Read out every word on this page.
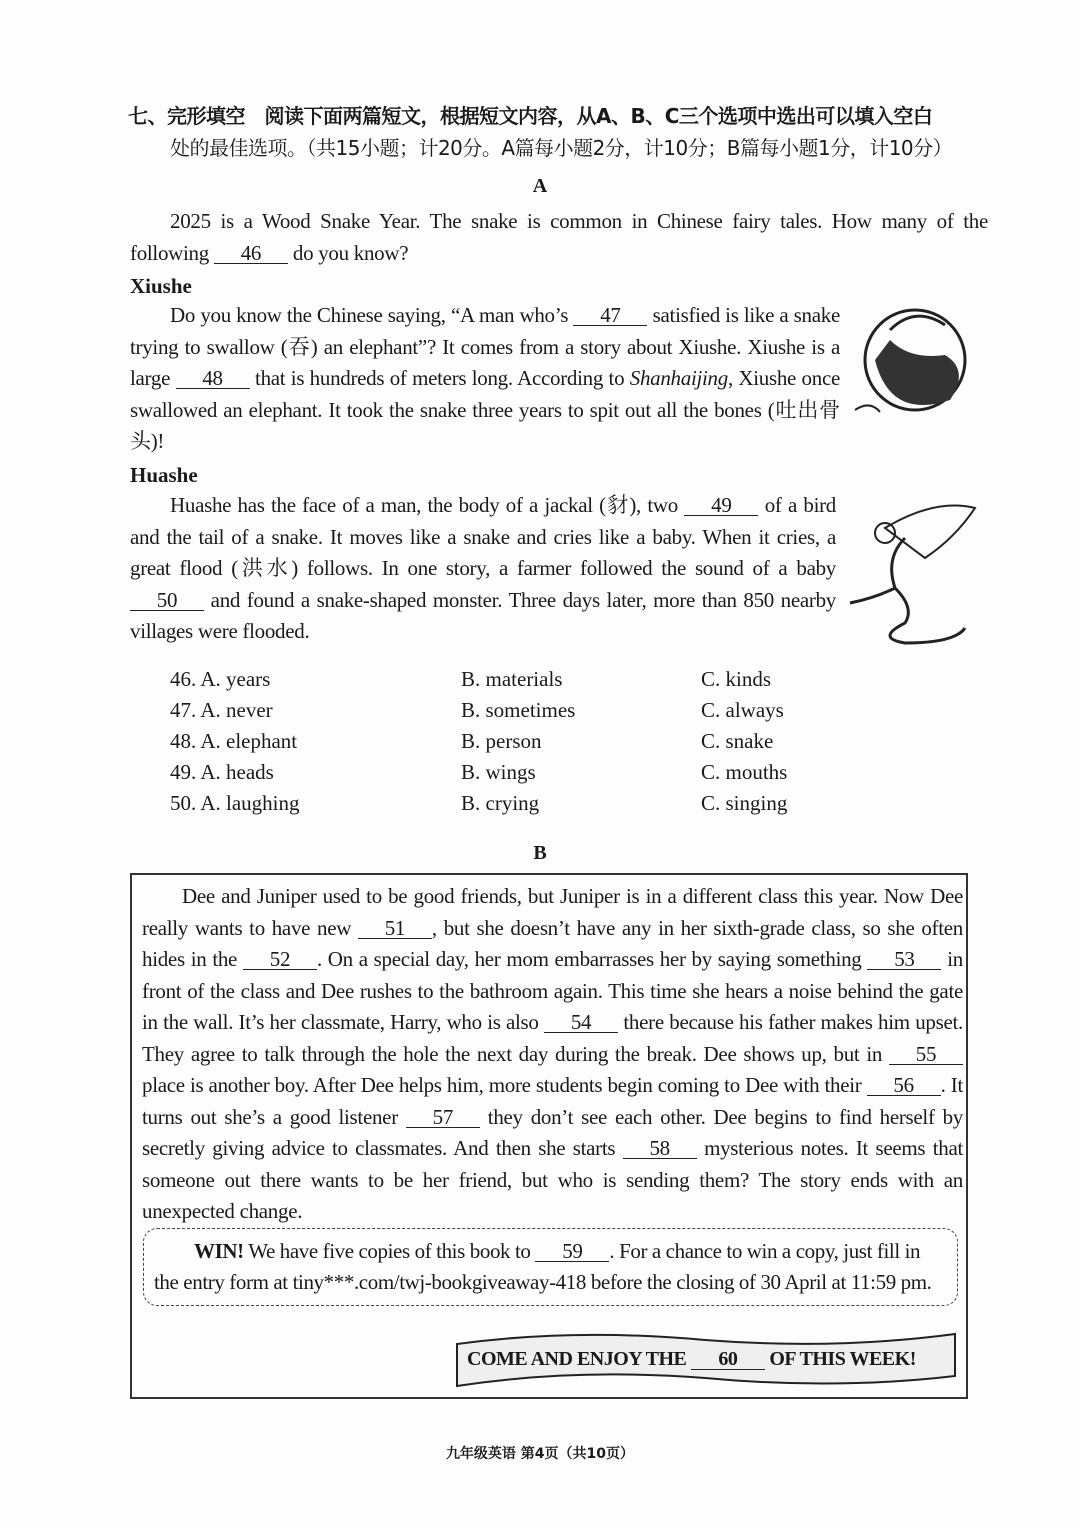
七、完形填空　阅读下面两篇短文，根据短文内容，从A、B、C三个选项中选出可以填入空白
处的最佳选项。（共15小题；计20分。A篇每小题2分，计10分；B篇每小题1分，计10分）
A
2025 is a Wood Snake Year. The snake is common in Chinese fairy tales. How many of the following 46 do you know?
Xiushe
Do you know the Chinese saying, “A man who’s 47 satisfied is like a snake trying to swallow (吞) an elephant”? It comes from a story about Xiushe. Xiushe is a large 48 that is hundreds of meters long. According to Shanhaijing, Xiushe once swallowed an elephant. It took the snake three years to spit out all the bones (吐出骨头)!
Huashe
Huashe has the face of a man, the body of a jackal (豺), two 49 of a bird and the tail of a snake. It moves like a snake and cries like a baby. When it cries, a great flood (洪水) follows. In one story, a farmer followed the sound of a baby 50 and found a snake-shaped monster. Three days later, more than 850 nearby villages were flooded.
46. A. years	B. materials	C. kinds
47. A. never	B. sometimes	C. always
48. A. elephant	B. person	C. snake
49. A. heads	B. wings	C. mouths
50. A. laughing	B. crying	C. singing
B
Dee and Juniper used to be good friends, but Juniper is in a different class this year. Now Dee really wants to have new 51 , but she doesn’t have any in her sixth-grade class, so she often hides in the 52 . On a special day, her mom embarrasses her by saying something 53 in front of the class and Dee rushes to the bathroom again. This time she hears a noise behind the gate in the wall. It’s her classmate, Harry, who is also 54 there because his father makes him upset. They agree to talk through the hole the next day during the break. Dee shows up, but in 55 place is another boy. After Dee helps him, more students begin coming to Dee with their 56 . It turns out she’s a good listener 57 they don’t see each other. Dee begins to find herself by secretly giving advice to classmates. And then she starts 58 mysterious notes. It seems that someone out there wants to be her friend, but who is sending them? The story ends with an unexpected change.
WIN! We have five copies of this book to 59 . For a chance to win a copy, just fill in the entry form at tiny***.com/twj-bookgiveaway-418 before the closing of 30 April at 11:59 pm.
COME AND ENJOY THE 60 OF THIS WEEK!
九年级英语 第4页（共10页）
